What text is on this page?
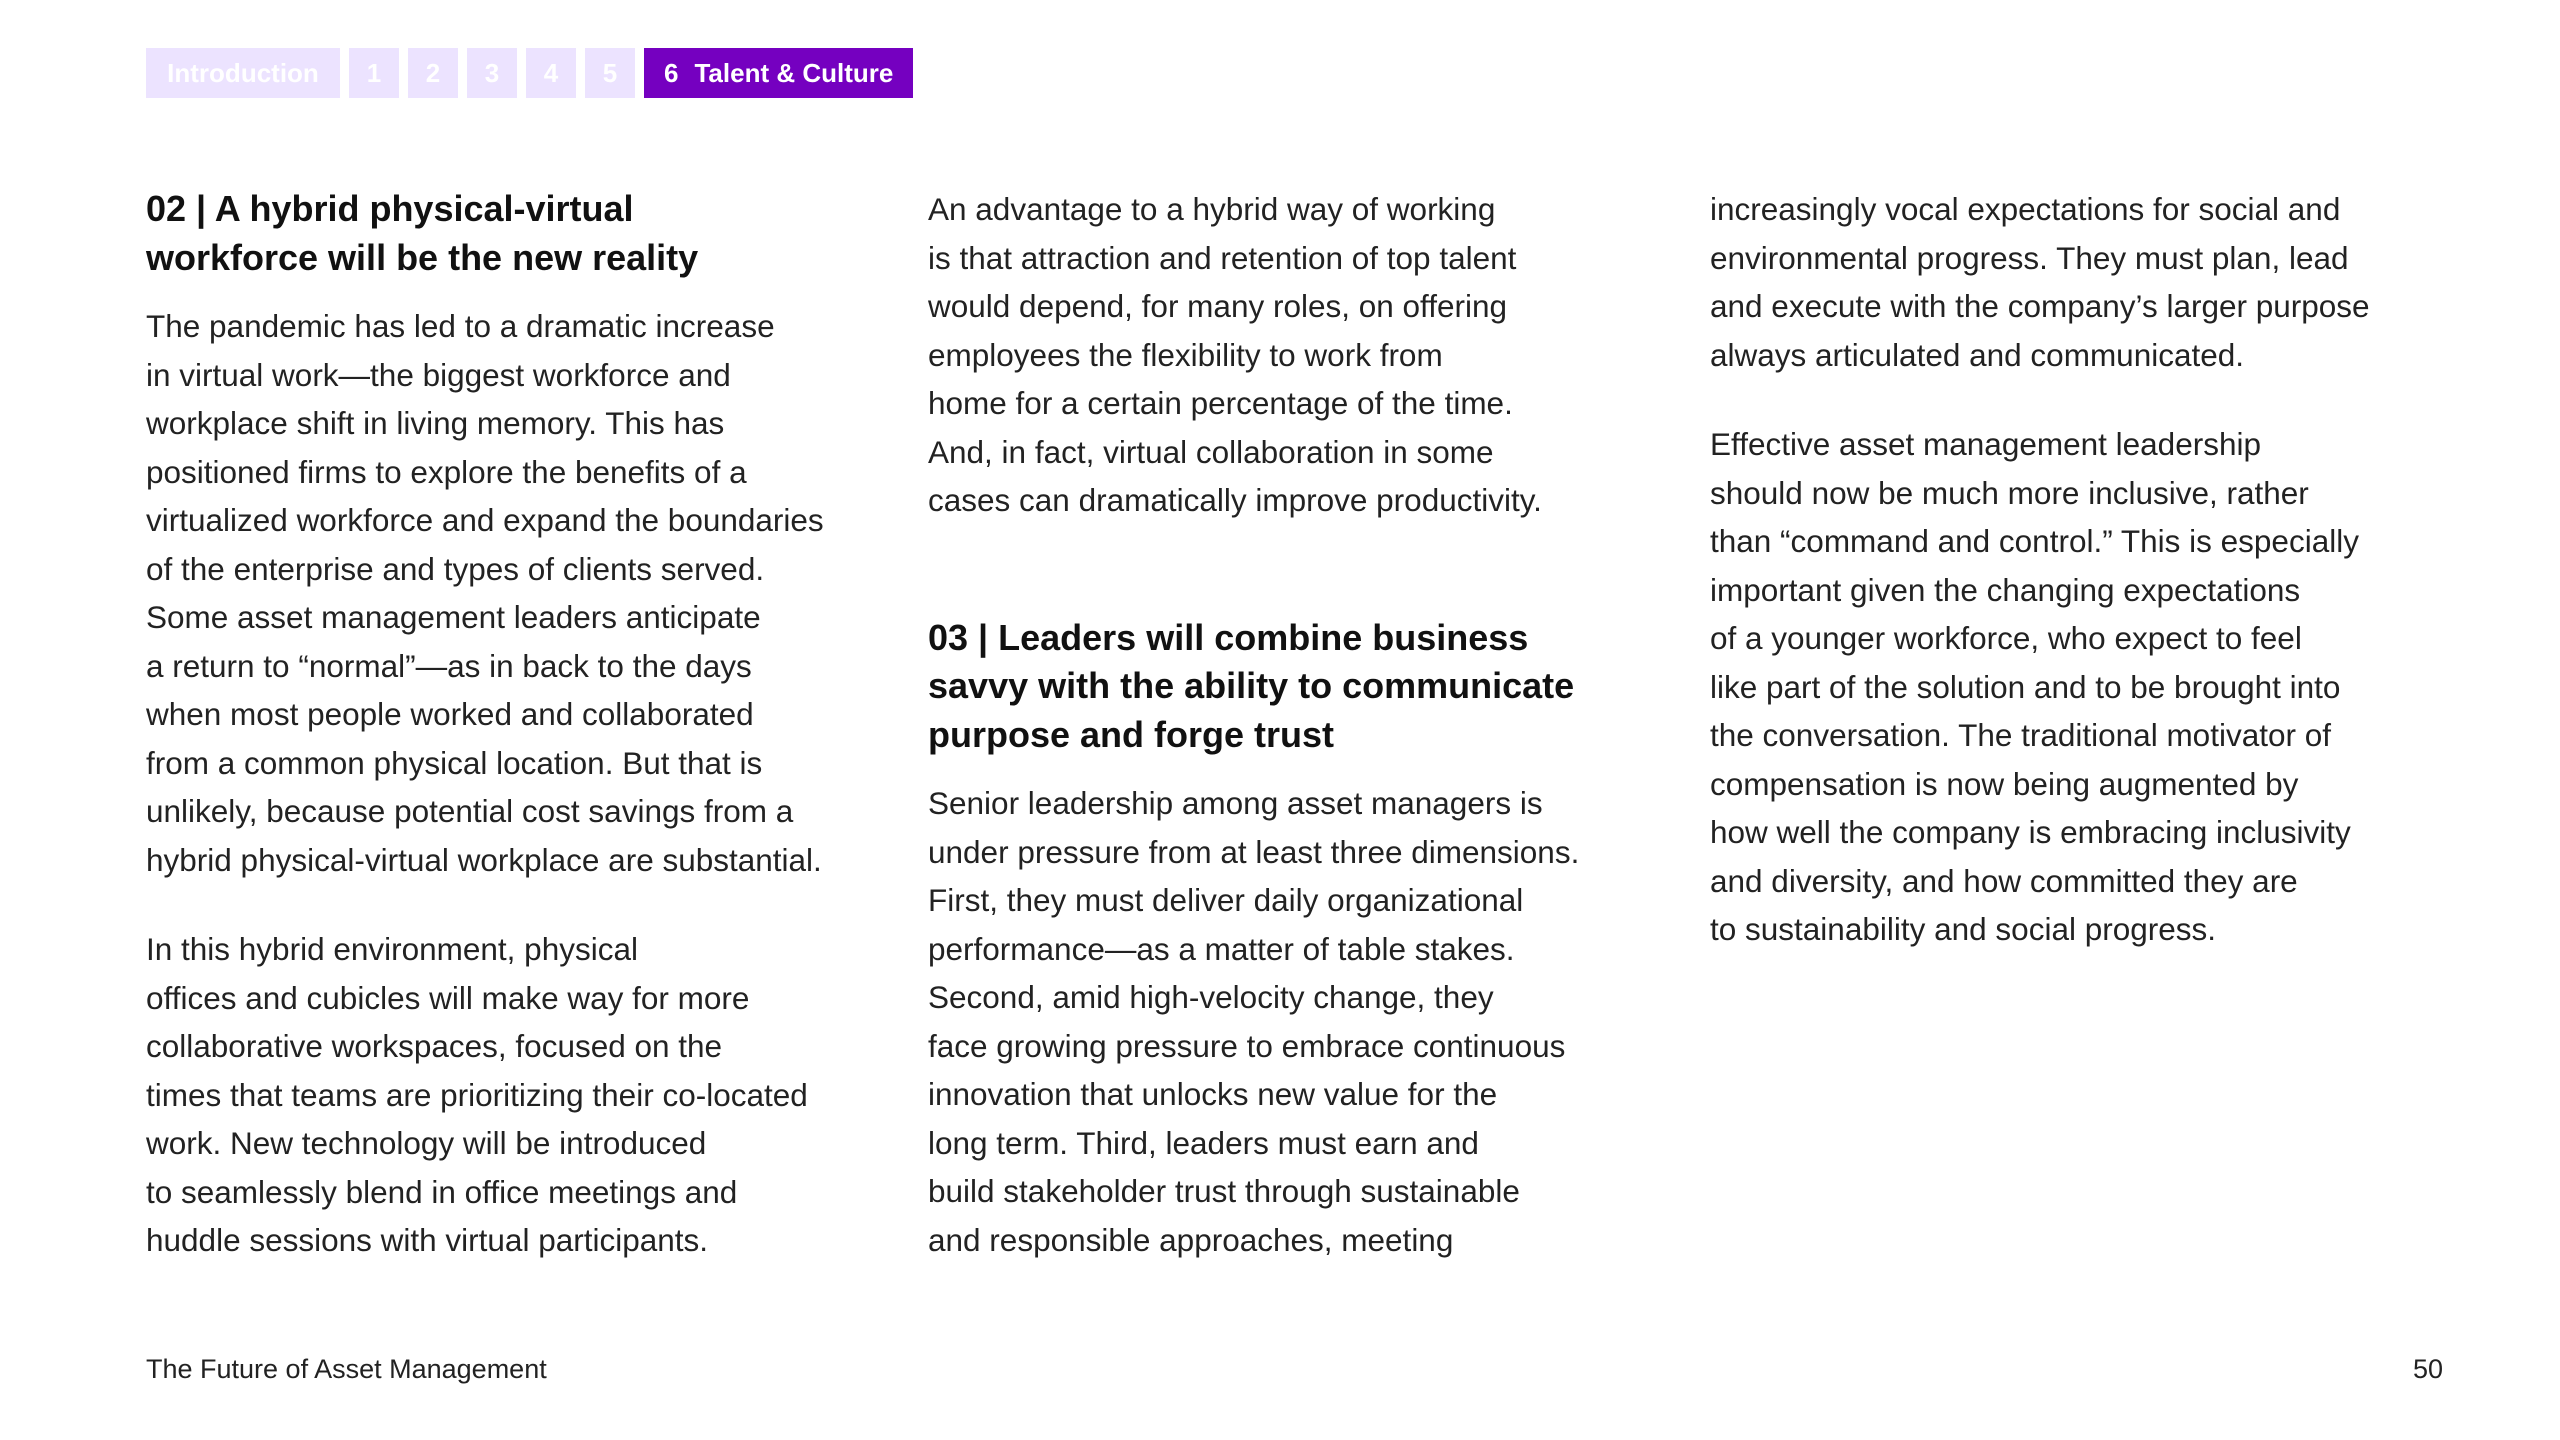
Introduction	1	2	3	4	5	6 Talent & Culture
02 | A hybrid physical-virtual
workforce will be the new reality

The pandemic has led to a dramatic increase
in virtual work—the biggest workforce and
workplace shift in living memory. This has
positioned firms to explore the benefits of a
virtualized workforce and expand the boundaries
of the enterprise and types of clients served.
Some asset management leaders anticipate
a return to “normal”—as in back to the days
when most people worked and collaborated
from a common physical location. But that is
unlikely, because potential cost savings from a
hybrid physical-virtual workplace are substantial.

In this hybrid environment, physical
offices and cubicles will make way for more
collaborative workspaces, focused on the
times that teams are prioritizing their co-located
work. New technology will be introduced
to seamlessly blend in office meetings and
huddle sessions with virtual participants.

An advantage to a hybrid way of working
is that attraction and retention of top talent
would depend, for many roles, on offering
employees the flexibility to work from
home for a certain percentage of the time.
And, in fact, virtual collaboration in some
cases can dramatically improve productivity.

03 | Leaders will combine business
savvy with the ability to communicate
purpose and forge trust

Senior leadership among asset managers is
under pressure from at least three dimensions.
First, they must deliver daily organizational
performance—as a matter of table stakes.
Second, amid high-velocity change, they
face growing pressure to embrace continuous
innovation that unlocks new value for the
long term. Third, leaders must earn and
build stakeholder trust through sustainable
and responsible approaches, meeting

increasingly vocal expectations for social and
environmental progress. They must plan, lead
and execute with the company’s larger purpose
always articulated and communicated.

Effective asset management leadership
should now be much more inclusive, rather
than “command and control.” This is especially
important given the changing expectations
of a younger workforce, who expect to feel
like part of the solution and to be brought into
the conversation. The traditional motivator of
compensation is now being augmented by
how well the company is embracing inclusivity
and diversity, and how committed they are
to sustainability and social progress.

The Future of Asset Management	50
